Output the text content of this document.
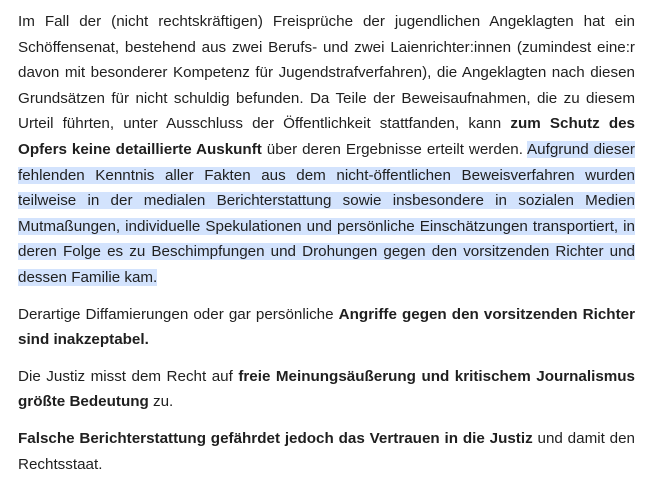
Im Fall der (nicht rechtskräftigen) Freisprüche der jugendlichen Angeklagten hat ein Schöffensenat, bestehend aus zwei Berufs- und zwei Laienrichter:innen (zumindest eine:r davon mit besonderer Kompetenz für Jugendstrafverfahren), die Angeklagten nach diesen Grundsätzen für nicht schuldig befunden. Da Teile der Beweisaufnahmen, die zu diesem Urteil führten, unter Ausschluss der Öffentlichkeit stattfanden, kann zum Schutz des Opfers keine detaillierte Auskunft über deren Ergebnisse erteilt werden. Aufgrund dieser fehlenden Kenntnis aller Fakten aus dem nicht-öffentlichen Beweisverfahren wurden teilweise in der medialen Berichterstattung sowie insbesondere in sozialen Medien Mutmaßungen, individuelle Spekulationen und persönliche Einschätzungen transportiert, in deren Folge es zu Beschimpfungen und Drohungen gegen den vorsitzenden Richter und dessen Familie kam.

Derartige Diffamierungen oder gar persönliche Angriffe gegen den vorsitzenden Richter sind inakzeptabel.

Die Justiz misst dem Recht auf freie Meinungsäußerung und kritischem Journalismus größte Bedeutung zu.

Falsche Berichterstattung gefährdet jedoch das Vertrauen in die Justiz und damit den Rechtsstaat.
